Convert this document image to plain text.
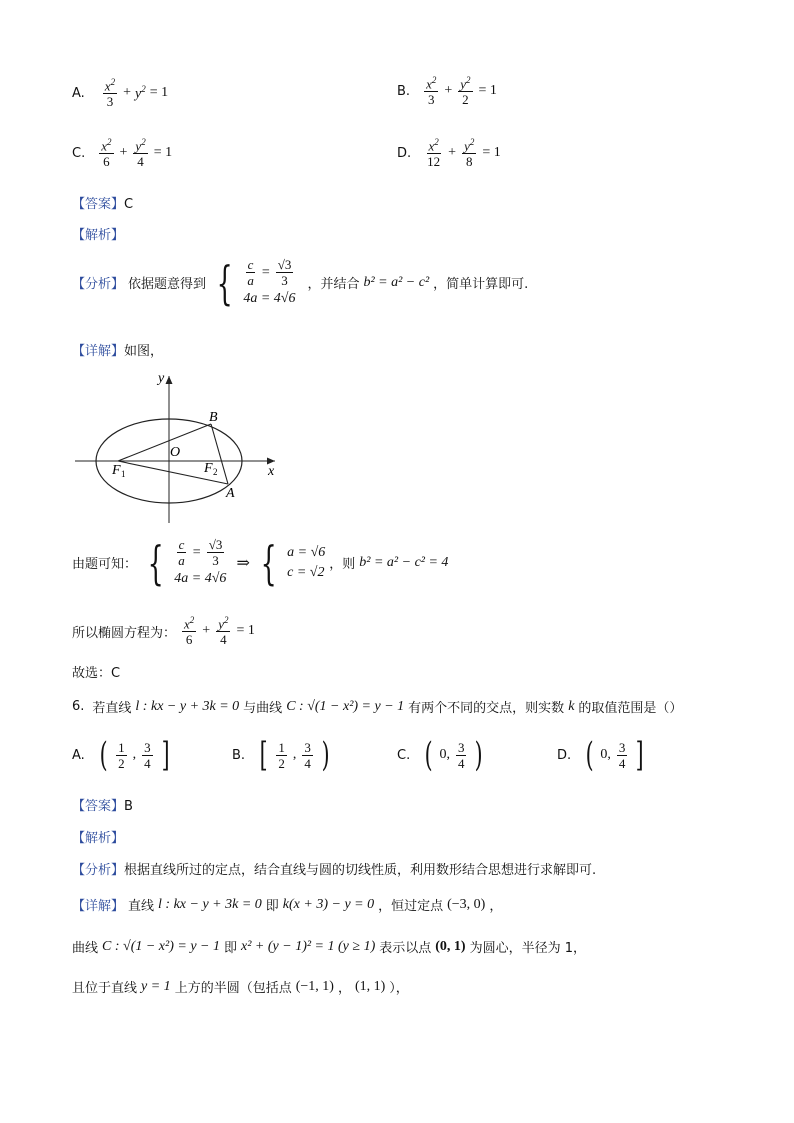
A. $\frac{x^2}{3} + y^2 = 1$	B. $\frac{x^2}{3} + \frac{y^2}{2} = 1$
C. $\frac{x^2}{6} + \frac{y^2}{4} = 1$	D. $\frac{x^2}{12} + \frac{y^2}{8} = 1$
【答案】C
【解析】
【分析】 依据题意得到 { $\frac{c}{a} = \frac{√3}{3}$
4a = 4√6
，并结合 b² = a² − c² ，简单计算即可.
【详解】如图，
y
x
O
B
A
F 1	F 2
由题可知： { $\frac{c}{a} = \frac{√3}{3}$
4a = 4√6
⇒ { a = √6
c = √2 ，则 b² = a² − c² = 4
所以椭圆方程为： $\frac{x^2}{6} + \frac{y^2}{4} = 1$
故选：C
6. 若直线 l : kx − y + 3k = 0 与曲线 C : √(1 − x²) = y − 1 有两个不同的交点，则实数 k 的取值范围是（）
A. ( $\frac{1}{2}$ , $\frac{3}{4}$ ]	B. [ $\frac{1}{2}$ , $\frac{3}{4}$ )	C. ( 0, $\frac{3}{4}$ )	D. ( 0, $\frac{3}{4}$ ]
【答案】B
【解析】
【分析】根据直线所过的定点，结合直线与圆的切线性质，利用数形结合思想进行求解即可.
【详解】 直线 l : kx − y + 3k = 0 即 k(x + 3) − y = 0 ，恒过定点 (−3, 0) ，
曲线 C : √(1 − x²) = y − 1 即 x² + (y − 1)² = 1 (y ≥ 1) 表示以点 (0, 1) 为圆心，半径为 1，
且位于直线 y = 1 上方的半圆（包括点 (−1, 1) ， (1, 1) ），
